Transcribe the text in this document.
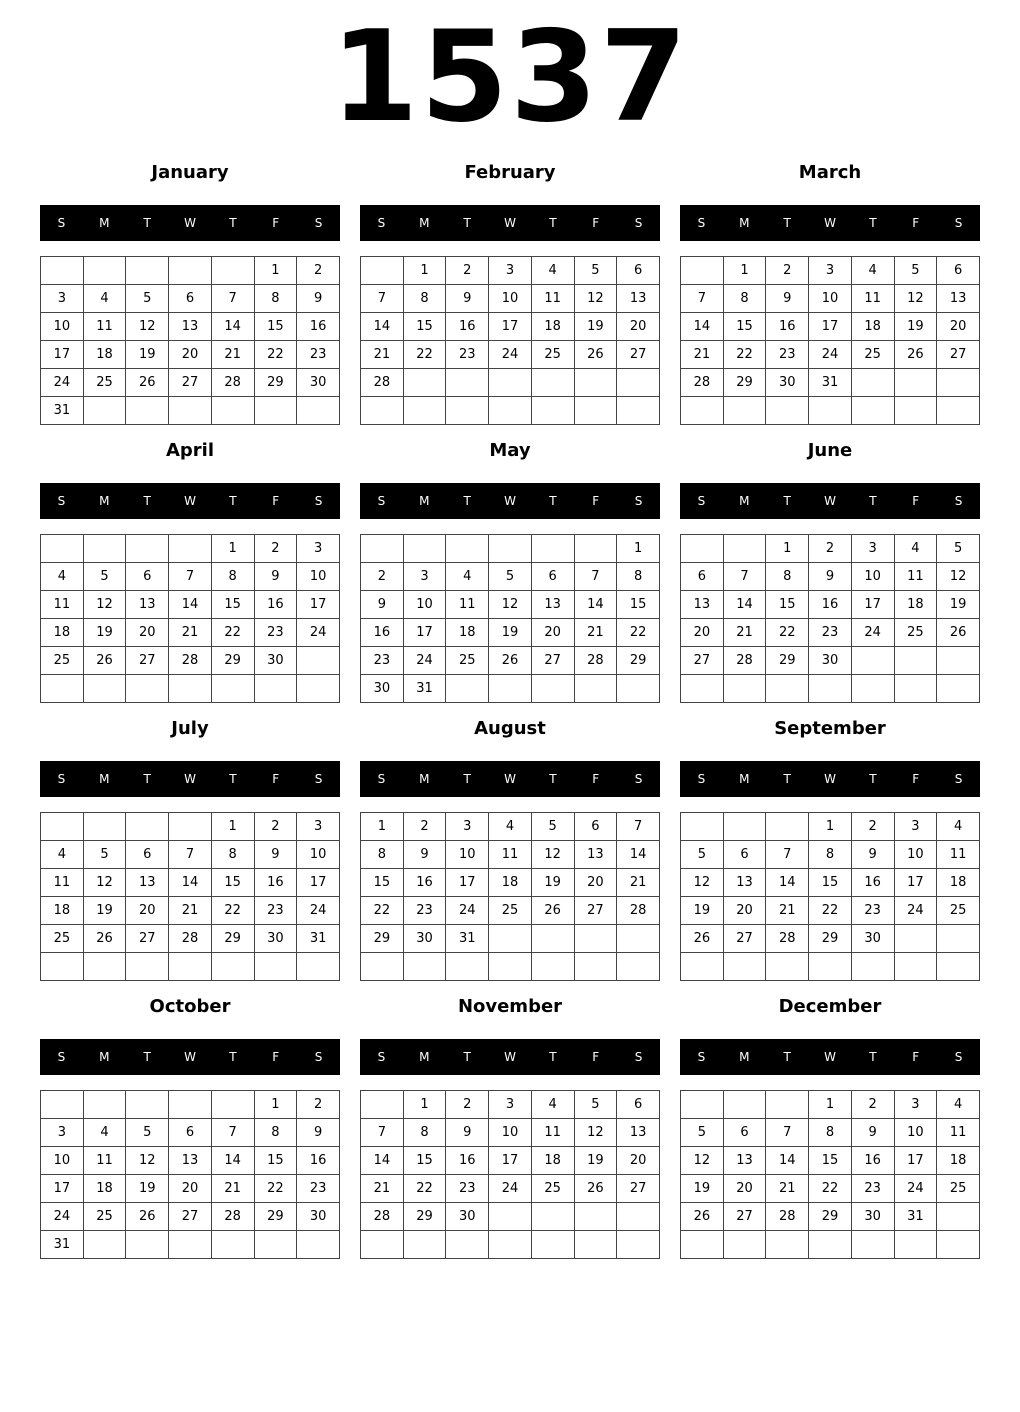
1537
January
S	M	T	W	T	F	S
					1	2
3	4	5	6	7	8	9
10	11	12	13	14	15	16
17	18	19	20	21	22	23
24	25	26	27	28	29	30
31						
February
S	M	T	W	T	F	S
	1	2	3	4	5	6
7	8	9	10	11	12	13
14	15	16	17	18	19	20
21	22	23	24	25	26	27
28						

March
S	M	T	W	T	F	S
	1	2	3	4	5	6
7	8	9	10	11	12	13
14	15	16	17	18	19	20
21	22	23	24	25	26	27
28	29	30	31			

April
S	M	T	W	T	F	S
				1	2	3
4	5	6	7	8	9	10
11	12	13	14	15	16	17
18	19	20	21	22	23	24
25	26	27	28	29	30	

May
S	M	T	W	T	F	S
						1
2	3	4	5	6	7	8
9	10	11	12	13	14	15
16	17	18	19	20	21	22
23	24	25	26	27	28	29
30	31					
June
S	M	T	W	T	F	S
		1	2	3	4	5
6	7	8	9	10	11	12
13	14	15	16	17	18	19
20	21	22	23	24	25	26
27	28	29	30			

July
S	M	T	W	T	F	S
				1	2	3
4	5	6	7	8	9	10
11	12	13	14	15	16	17
18	19	20	21	22	23	24
25	26	27	28	29	30	31

August
S	M	T	W	T	F	S
1	2	3	4	5	6	7
8	9	10	11	12	13	14
15	16	17	18	19	20	21
22	23	24	25	26	27	28
29	30	31				

September
S	M	T	W	T	F	S
			1	2	3	4
5	6	7	8	9	10	11
12	13	14	15	16	17	18
19	20	21	22	23	24	25
26	27	28	29	30		

October
S	M	T	W	T	F	S
					1	2
3	4	5	6	7	8	9
10	11	12	13	14	15	16
17	18	19	20	21	22	23
24	25	26	27	28	29	30
31						
November
S	M	T	W	T	F	S
	1	2	3	4	5	6
7	8	9	10	11	12	13
14	15	16	17	18	19	20
21	22	23	24	25	26	27
28	29	30				

December
S	M	T	W	T	F	S
			1	2	3	4
5	6	7	8	9	10	11
12	13	14	15	16	17	18
19	20	21	22	23	24	25
26	27	28	29	30	31	
